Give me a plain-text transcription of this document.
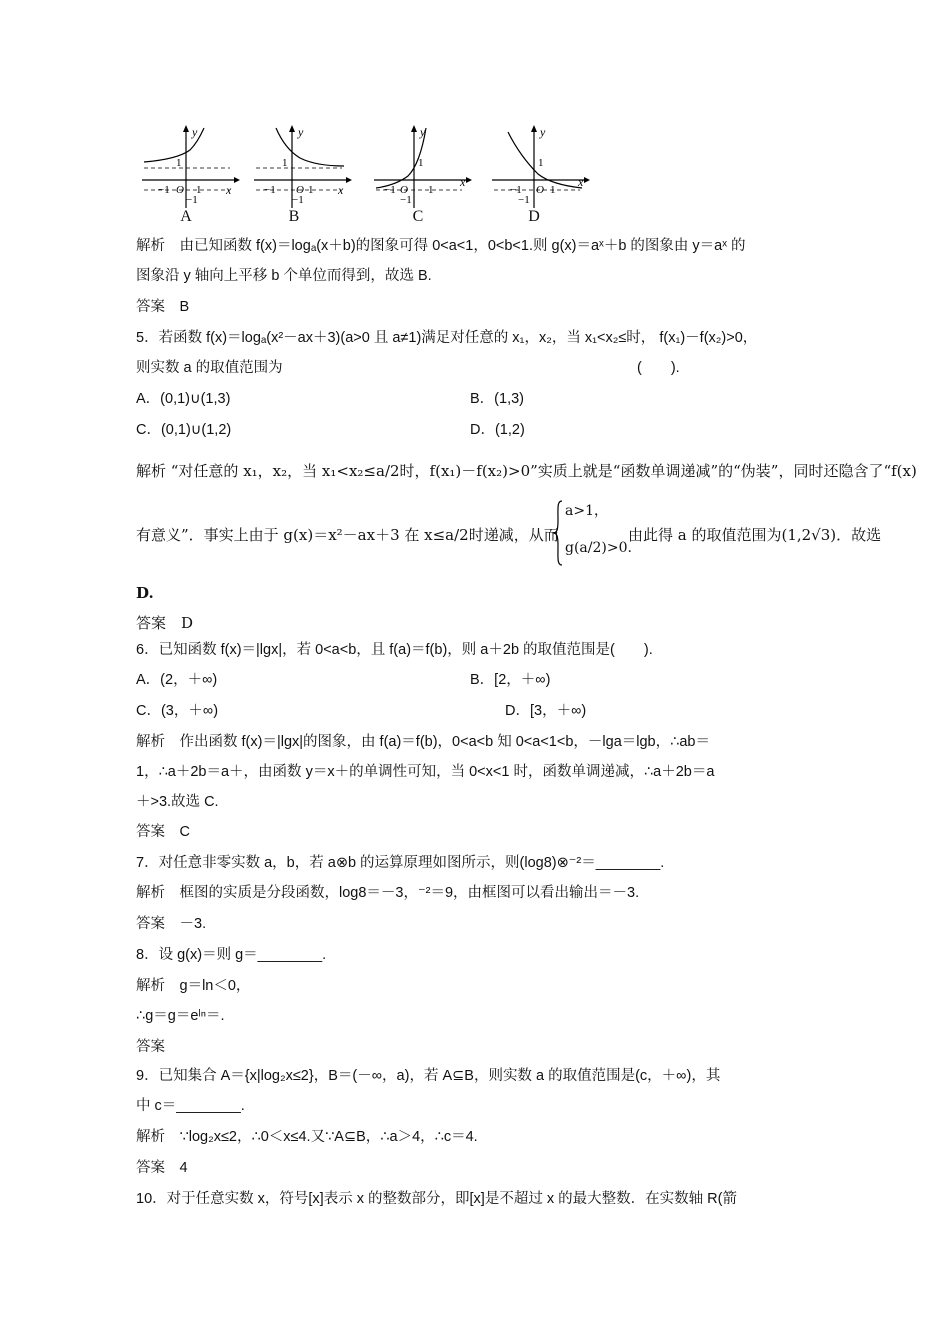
y
x
1
−1 O 1
−1
A
y
x
1
−1 O 1
−1
B
y
x
1
−1 O 1
−1
C
y
x
1
−1 O 1
−1
D
解析　由已知函数 f(x)＝logₐ(x＋b)的图象可得 0<a<1，0<b<1.则 g(x)＝aˣ＋b 的图象由 y＝aˣ 的
图象沿 y 轴向上平移 b 个单位而得到，故选 B.
答案　B
5．若函数 f(x)＝logₐ(x²－ax＋3)(a>0 且 a≠1)满足对任意的 x₁，x₂，当 x₁<x₂≤时， f(x₁)－f(x₂)>0，
则实数 a 的取值范围为	(　　).
A．(0,1)∪(1,3)	B．(1,3)
C．(0,1)∪(1,2)	D．(1,2)
解析 “对任意的 x₁，x₂，当 x₁<x₂≤a/2时，f(x₁)－f(x₂)>0”实质上就是“函数单调递减”的“伪装”，同时还隐含了“f(x)
有意义”．事实上由于 g(x)＝x²－ax＋3 在 x≤a/2时递减，从而
a>1，
g(a/2)>0.
由此得 a 的取值范围为(1,2√3)．故选
D.
答案　D
6．已知函数 f(x)＝|lgx|，若 0<a<b，且 f(a)＝f(b)，则 a＋2b 的取值范围是(　　).
A．(2，＋∞)	B．[2，＋∞)
C．(3，＋∞)	D．[3，＋∞)
解析　作出函数 f(x)＝|lgx|的图象，由 f(a)＝f(b)，0<a<b 知 0<a<1<b，－lga＝lgb，∴ab＝
1，∴a＋2b＝a＋，由函数 y＝x＋的单调性可知，当 0<x<1 时，函数单调递减，∴a＋2b＝a
＋>3.故选 C.
答案　C
7．对任意非零实数 a，b，若 a⊗b 的运算原理如图所示，则(log8)⊗⁻²＝________.
解析　框图的实质是分段函数，log8＝－3，⁻²＝9，由框图可以看出输出＝－3.
答案　－3.
8．设 g(x)＝则 g＝________.
解析　g＝ln＜0，
∴g＝g＝eˡⁿ＝.
答案
9．已知集合 A＝{x|log₂x≤2}，B＝(－∞，a)，若 A⊆B，则实数 a 的取值范围是(c，＋∞)，其
中 c＝________.
解析　∵log₂x≤2，∴0＜x≤4.又∵A⊆B，∴a＞4，∴c＝4.
答案　4
10．对于任意实数 x，符号[x]表示 x 的整数部分，即[x]是不超过 x 的最大整数．在实数轴 R(箭
